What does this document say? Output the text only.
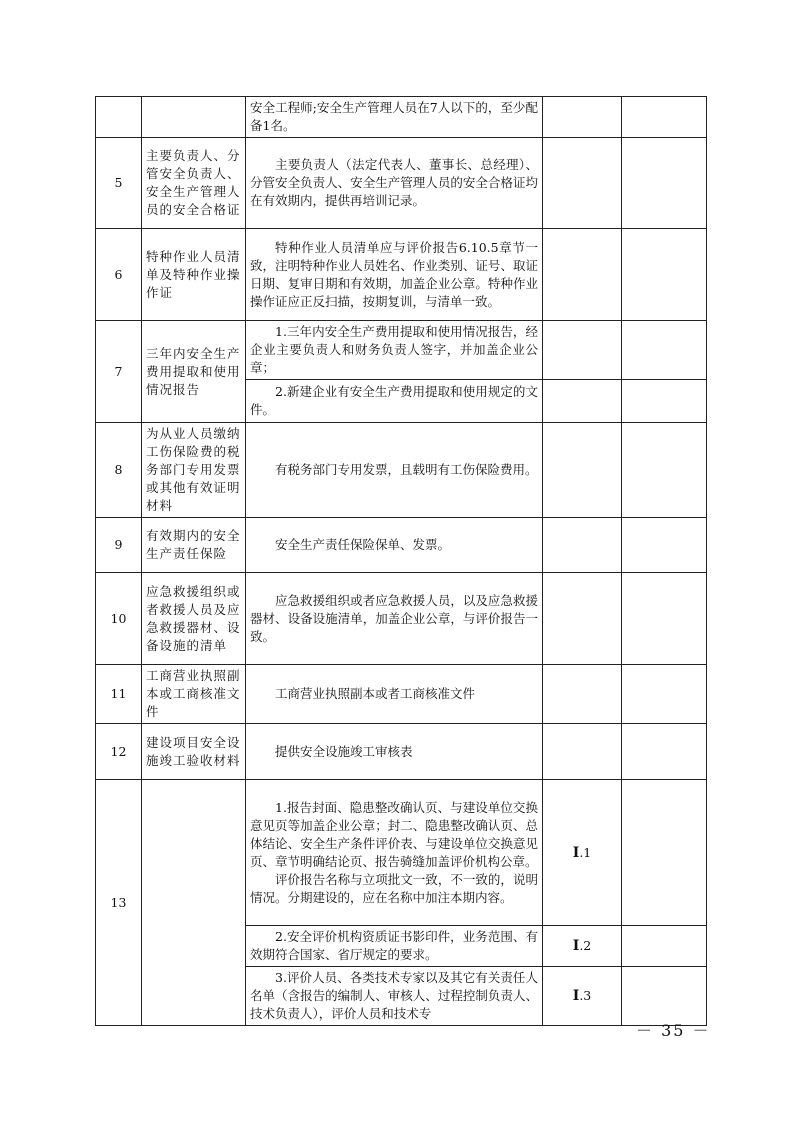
		安全工程师;安全生产管理人员在7人以下的，至少配备1名。		
5	主要负责人、分管安全负责人、安全生产管理人员的安全合格证	主要负责人（法定代表人、董事长、总经理）、分管安全负责人、安全生产管理人员的安全合格证均在有效期内，提供再培训记录。		

6	特种作业人员清单及特种作业操作证	特种作业人员清单应与评价报告6.10.5章节一致，注明特种作业人员姓名、作业类别、证号、取证日期、复审日期和有效期，加盖企业公章。特种作业操作证应正反扫描，按期复训，与清单一致。		

7	三年内安全生产费用提取和使用情况报告	1.三年内安全生产费用提取和使用情况报告，经企业主要负责人和财务负责人签字，并加盖企业公章；		

		2.新建企业有安全生产费用提取和使用规定的文件。		

8	为从业人员缴纳工伤保险费的税务部门专用发票或其他有效证明材料	有税务部门专用发票，且载明有工伤保险费用。		

9	有效期内的安全生产责任保险	安全生产责任保险保单、发票。		

10	应急救援组织或者救援人员及应急救援器材、设备设施的清单	应急救援组织或者应急救援人员，以及应急救援器材、设备设施清单，加盖企业公章，与评价报告一致。		

11	工商营业执照副本或工商核准文件	工商营业执照副本或者工商核准文件		

12	建设项目安全设施竣工验收材料	提供安全设施竣工审核表		

13		1.报告封面、隐患整改确认页、与建设单位交换意见页等加盖企业公章；封二、隐患整改确认页、总体结论、安全生产条件评价表、与建设单位交换意见页、章节明确结论页、报告骑缝加盖评价机构公章。
评价报告名称与立项批文一致，不一致的，说明情况。分期建设的，应在名称中加注本期内容。	Ⅰ.1	

		2.安全评价机构资质证书影印件，业务范围、有效期符合国家、省厅规定的要求。	Ⅰ.2	

		3.评价人员、各类技术专家以及其它有关责任人名单（含报告的编制人、审核人、过程控制负责人、技术负责人），评价人员和技术专	Ⅰ.3	
－ 35 －
